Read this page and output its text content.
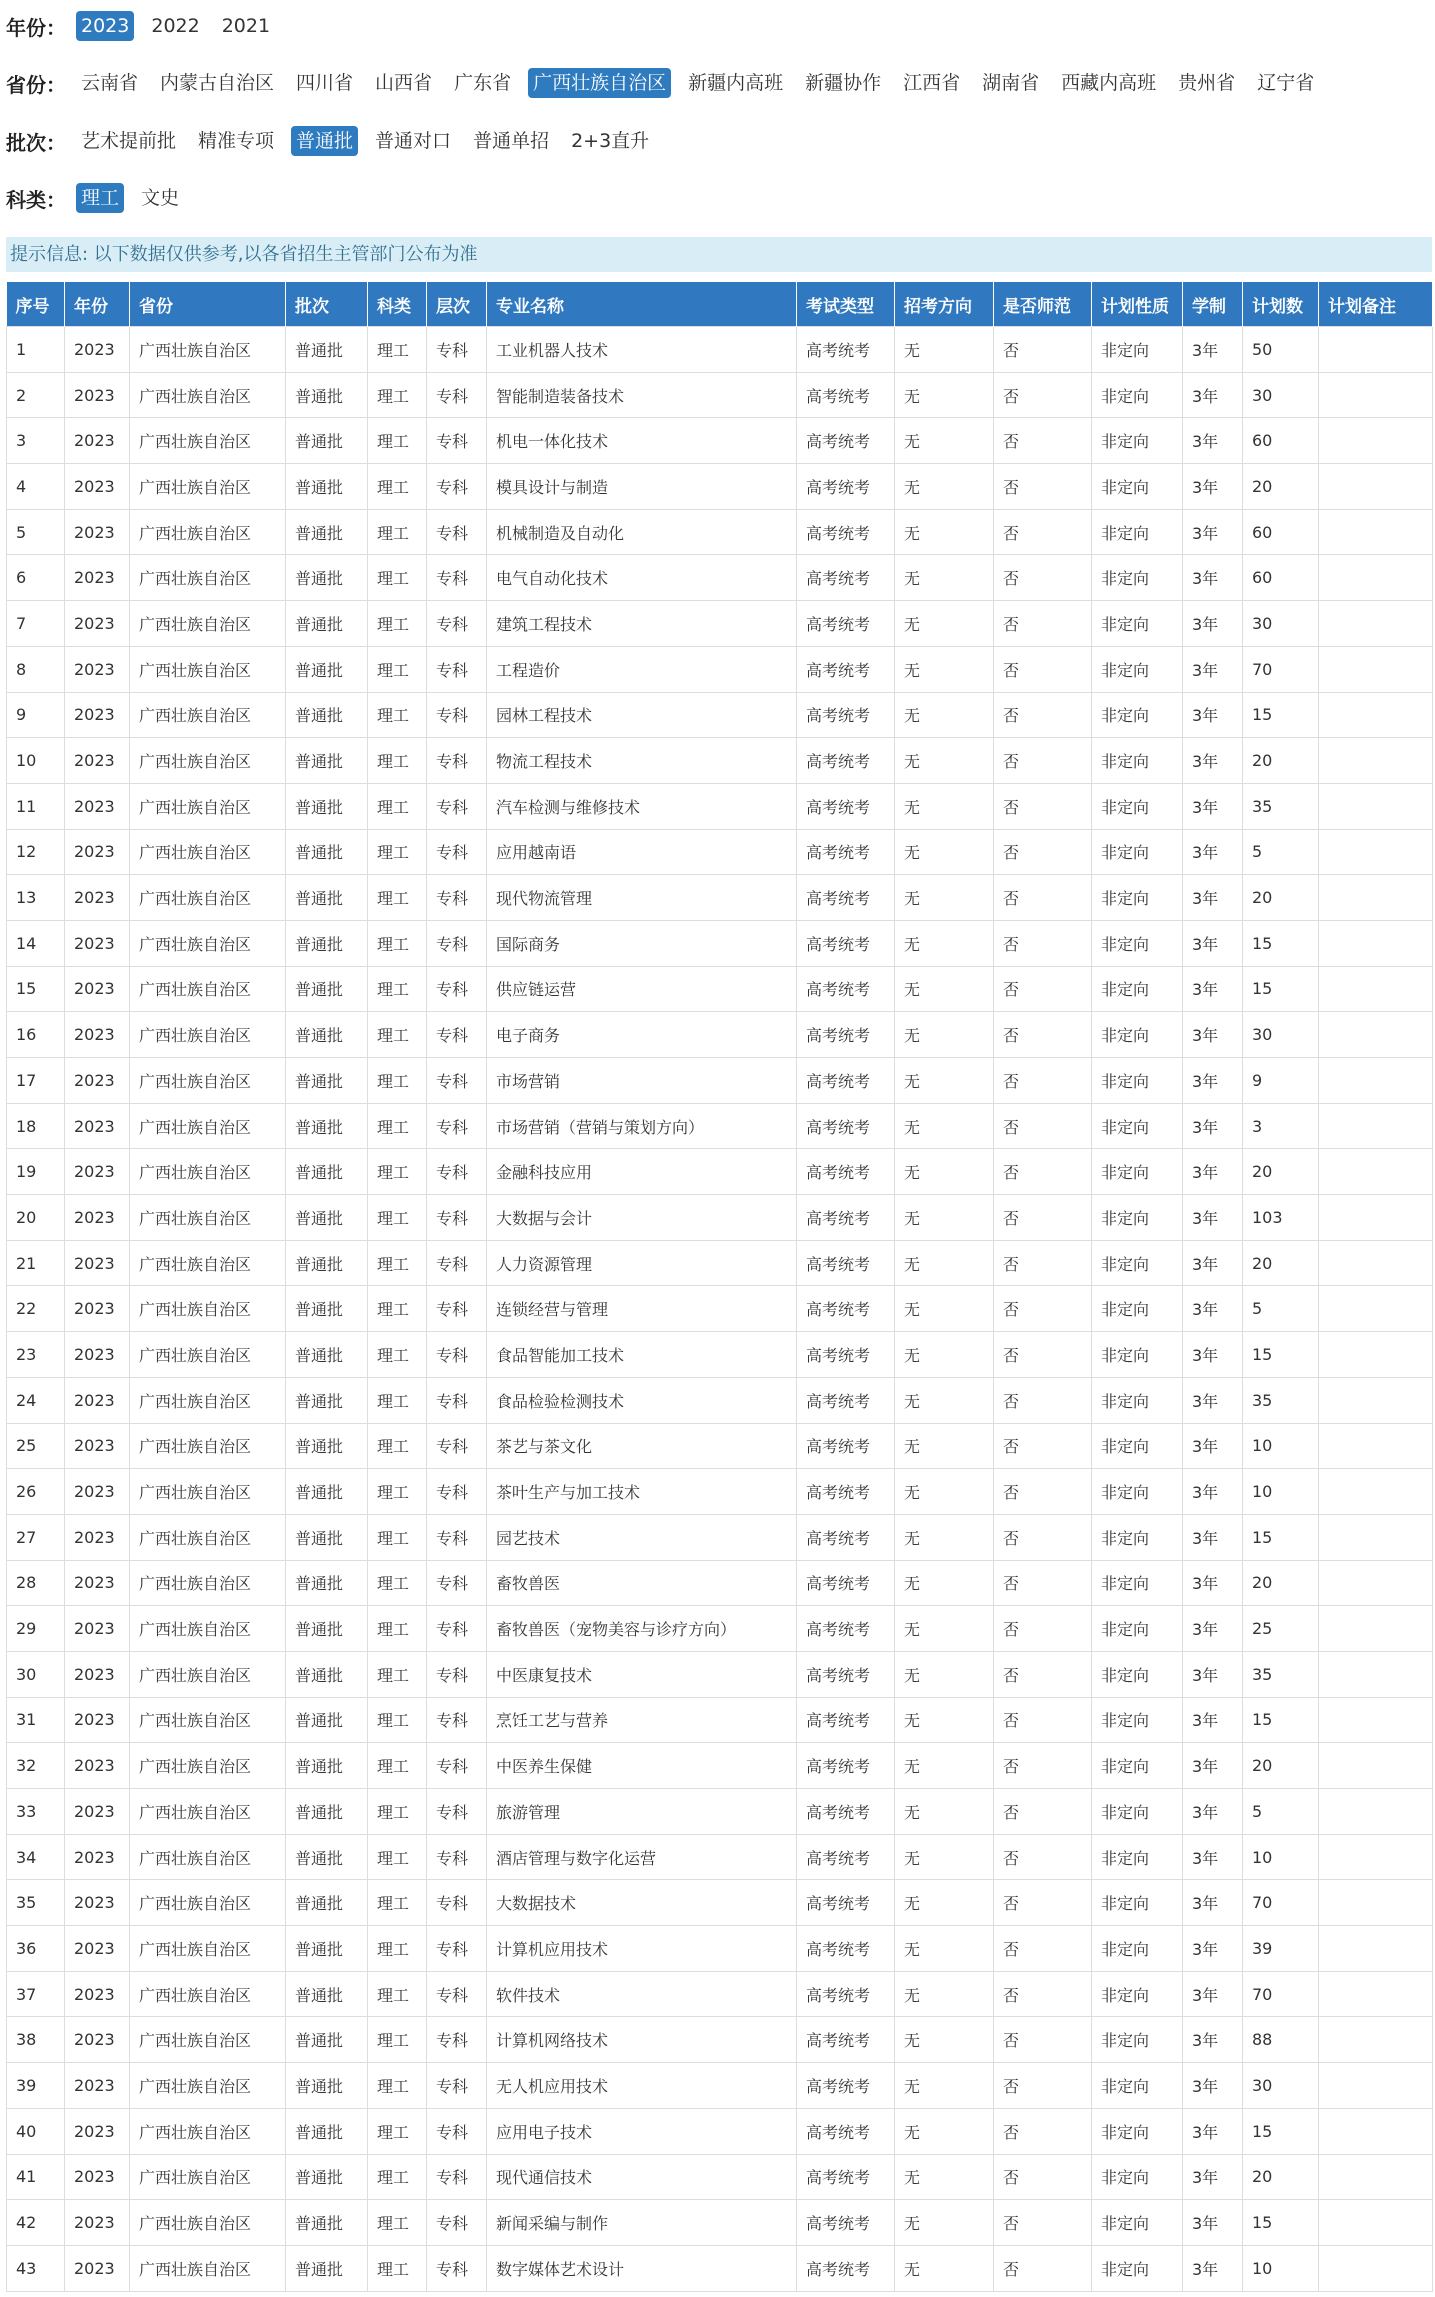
年份： 2023 2022 2021
省份： 云南省 内蒙古自治区 四川省 山西省 广东省 广西壮族自治区 新疆内高班 新疆协作 江西省 湖南省 西藏内高班 贵州省 辽宁省
批次： 艺术提前批 精准专项 普通批 普通对口 普通单招 2+3直升
科类： 理工 文史
提示信息: 以下数据仅供参考,以各省招生主管部门公布为准
序号	年份	省份	批次	科类	层次	专业名称	考试类型	招考方向	是否师范	计划性质	学制	计划数	计划备注
1	2023	广西壮族自治区	普通批	理工	专科	工业机器人技术	高考统考	无	否	非定向	3年	50	
2	2023	广西壮族自治区	普通批	理工	专科	智能制造装备技术	高考统考	无	否	非定向	3年	30	
3	2023	广西壮族自治区	普通批	理工	专科	机电一体化技术	高考统考	无	否	非定向	3年	60	
4	2023	广西壮族自治区	普通批	理工	专科	模具设计与制造	高考统考	无	否	非定向	3年	20	
5	2023	广西壮族自治区	普通批	理工	专科	机械制造及自动化	高考统考	无	否	非定向	3年	60	
6	2023	广西壮族自治区	普通批	理工	专科	电气自动化技术	高考统考	无	否	非定向	3年	60	
7	2023	广西壮族自治区	普通批	理工	专科	建筑工程技术	高考统考	无	否	非定向	3年	30	
8	2023	广西壮族自治区	普通批	理工	专科	工程造价	高考统考	无	否	非定向	3年	70	
9	2023	广西壮族自治区	普通批	理工	专科	园林工程技术	高考统考	无	否	非定向	3年	15	
10	2023	广西壮族自治区	普通批	理工	专科	物流工程技术	高考统考	无	否	非定向	3年	20	
11	2023	广西壮族自治区	普通批	理工	专科	汽车检测与维修技术	高考统考	无	否	非定向	3年	35	
12	2023	广西壮族自治区	普通批	理工	专科	应用越南语	高考统考	无	否	非定向	3年	5	
13	2023	广西壮族自治区	普通批	理工	专科	现代物流管理	高考统考	无	否	非定向	3年	20	
14	2023	广西壮族自治区	普通批	理工	专科	国际商务	高考统考	无	否	非定向	3年	15	
15	2023	广西壮族自治区	普通批	理工	专科	供应链运营	高考统考	无	否	非定向	3年	15	
16	2023	广西壮族自治区	普通批	理工	专科	电子商务	高考统考	无	否	非定向	3年	30	
17	2023	广西壮族自治区	普通批	理工	专科	市场营销	高考统考	无	否	非定向	3年	9	
18	2023	广西壮族自治区	普通批	理工	专科	市场营销（营销与策划方向）	高考统考	无	否	非定向	3年	3	
19	2023	广西壮族自治区	普通批	理工	专科	金融科技应用	高考统考	无	否	非定向	3年	20	
20	2023	广西壮族自治区	普通批	理工	专科	大数据与会计	高考统考	无	否	非定向	3年	103	
21	2023	广西壮族自治区	普通批	理工	专科	人力资源管理	高考统考	无	否	非定向	3年	20	
22	2023	广西壮族自治区	普通批	理工	专科	连锁经营与管理	高考统考	无	否	非定向	3年	5	
23	2023	广西壮族自治区	普通批	理工	专科	食品智能加工技术	高考统考	无	否	非定向	3年	15	
24	2023	广西壮族自治区	普通批	理工	专科	食品检验检测技术	高考统考	无	否	非定向	3年	35	
25	2023	广西壮族自治区	普通批	理工	专科	茶艺与茶文化	高考统考	无	否	非定向	3年	10	
26	2023	广西壮族自治区	普通批	理工	专科	茶叶生产与加工技术	高考统考	无	否	非定向	3年	10	
27	2023	广西壮族自治区	普通批	理工	专科	园艺技术	高考统考	无	否	非定向	3年	15	
28	2023	广西壮族自治区	普通批	理工	专科	畜牧兽医	高考统考	无	否	非定向	3年	20	
29	2023	广西壮族自治区	普通批	理工	专科	畜牧兽医（宠物美容与诊疗方向）	高考统考	无	否	非定向	3年	25	
30	2023	广西壮族自治区	普通批	理工	专科	中医康复技术	高考统考	无	否	非定向	3年	35	
31	2023	广西壮族自治区	普通批	理工	专科	烹饪工艺与营养	高考统考	无	否	非定向	3年	15	
32	2023	广西壮族自治区	普通批	理工	专科	中医养生保健	高考统考	无	否	非定向	3年	20	
33	2023	广西壮族自治区	普通批	理工	专科	旅游管理	高考统考	无	否	非定向	3年	5	
34	2023	广西壮族自治区	普通批	理工	专科	酒店管理与数字化运营	高考统考	无	否	非定向	3年	10	
35	2023	广西壮族自治区	普通批	理工	专科	大数据技术	高考统考	无	否	非定向	3年	70	
36	2023	广西壮族自治区	普通批	理工	专科	计算机应用技术	高考统考	无	否	非定向	3年	39	
37	2023	广西壮族自治区	普通批	理工	专科	软件技术	高考统考	无	否	非定向	3年	70	
38	2023	广西壮族自治区	普通批	理工	专科	计算机网络技术	高考统考	无	否	非定向	3年	88	
39	2023	广西壮族自治区	普通批	理工	专科	无人机应用技术	高考统考	无	否	非定向	3年	30	
40	2023	广西壮族自治区	普通批	理工	专科	应用电子技术	高考统考	无	否	非定向	3年	15	
41	2023	广西壮族自治区	普通批	理工	专科	现代通信技术	高考统考	无	否	非定向	3年	20	
42	2023	广西壮族自治区	普通批	理工	专科	新闻采编与制作	高考统考	无	否	非定向	3年	15	
43	2023	广西壮族自治区	普通批	理工	专科	数字媒体艺术设计	高考统考	无	否	非定向	3年	10	
